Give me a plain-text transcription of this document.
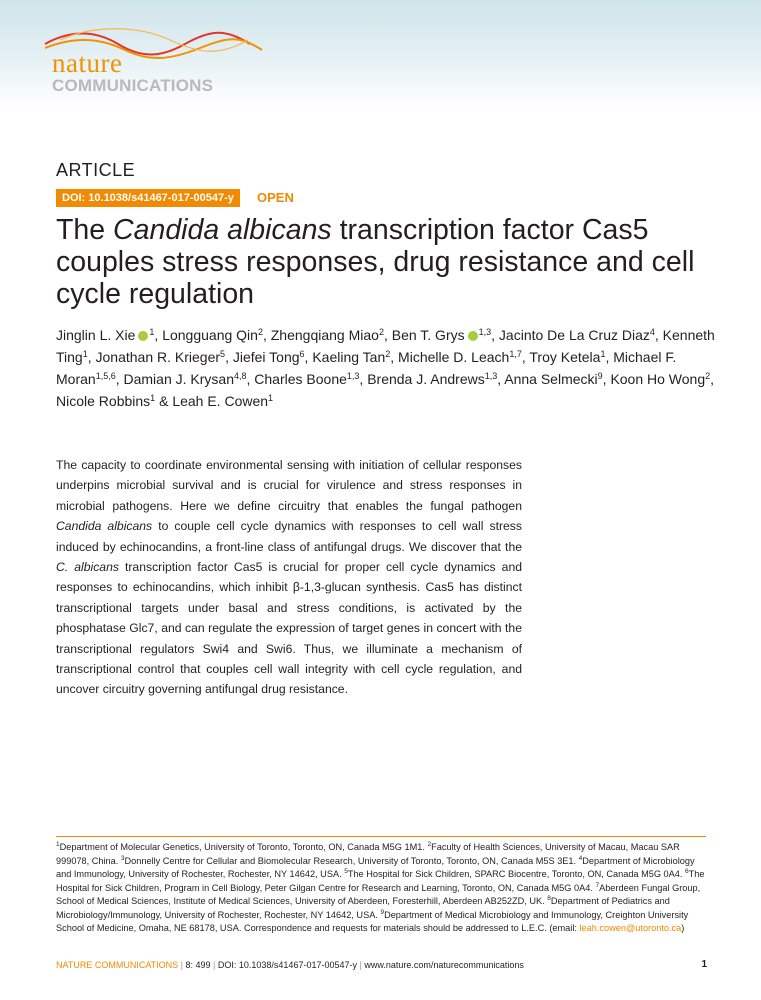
nature
COMMUNICATIONS
ARTICLE
DOI: 10.1038/s41467-017-00547-y	OPEN
The Candida albicans transcription factor Cas5 couples stress responses, drug resistance and cell cycle regulation
Jinglin L. Xie $^1$, Longguang Qin$^2$, Zhengqiang Miao$^2$, Ben T. Grys $^{1,3}$, Jacinto De La Cruz Diaz$^4$, Kenneth Ting$^1$, Jonathan R. Krieger$^5$, Jiefei Tong$^6$, Kaeling Tan$^2$, Michelle D. Leach$^{1,7}$, Troy Ketela$^1$, Michael F. Moran$^{1,5,6}$, Damian J. Krysan$^{4,8}$, Charles Boone$^{1,3}$, Brenda J. Andrews$^{1,3}$, Anna Selmecki$^9$, Koon Ho Wong$^2$, Nicole Robbins$^1$ & Leah E. Cowen$^1$
The capacity to coordinate environmental sensing with initiation of cellular responses underpins microbial survival and is crucial for virulence and stress responses in microbial pathogens. Here we define circuitry that enables the fungal pathogen Candida albicans to couple cell cycle dynamics with responses to cell wall stress induced by echinocandins, a front-line class of antifungal drugs. We discover that the C. albicans transcription factor Cas5 is crucial for proper cell cycle dynamics and responses to echinocandins, which inhibit β-1,3-glucan synthesis. Cas5 has distinct transcriptional targets under basal and stress conditions, is activated by the phosphatase Glc7, and can regulate the expression of target genes in concert with the transcriptional regulators Swi4 and Swi6. Thus, we illuminate a mechanism of transcriptional control that couples cell wall integrity with cell cycle regulation, and uncover circuitry governing antifungal drug resistance.
$^1$Department of Molecular Genetics, University of Toronto, Toronto, ON, Canada M5G 1M1. $^2$Faculty of Health Sciences, University of Macau, Macau SAR 999078, China. $^3$Donnelly Centre for Cellular and Biomolecular Research, University of Toronto, Toronto, ON, Canada M5S 3E1. $^4$Department of Microbiology and Immunology, University of Rochester, Rochester, NY 14642, USA. $^5$The Hospital for Sick Children, SPARC Biocentre, Toronto, ON, Canada M5G 0A4. $^6$The Hospital for Sick Children, Program in Cell Biology, Peter Gilgan Centre for Research and Learning, Toronto, ON, Canada M5G 0A4. $^7$Aberdeen Fungal Group, School of Medical Sciences, Institute of Medical Sciences, University of Aberdeen, Foresterhill, Aberdeen AB252ZD, UK. $^8$Department of Pediatrics and Microbiology/Immunology, University of Rochester, Rochester, NY 14642, USA. $^9$Department of Medical Microbiology and Immunology, Creighton University School of Medicine, Omaha, NE 68178, USA. Correspondence and requests for materials should be addressed to L.E.C. (email: leah.cowen@utoronto.ca)
NATURE COMMUNICATIONS | 8: 499 | DOI: 10.1038/s41467-017-00547-y | www.nature.com/naturecommunications	1
